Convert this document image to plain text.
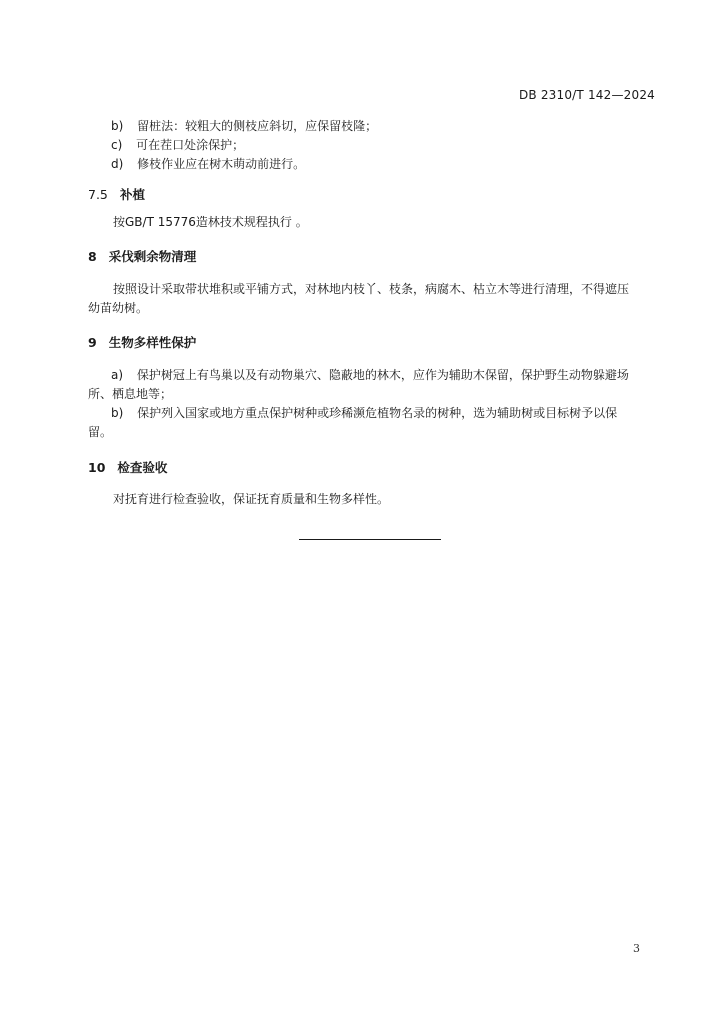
DB 2310/T 142—2024
b) 留桩法：较粗大的侧枝应斜切，应保留枝隆；
c) 可在茬口处涂保护；
d) 修枝作业应在树木萌动前进行。
7.5 补植
按GB/T 15776造林技术规程执行 。
8 采伐剩余物清理
按照设计采取带状堆积或平铺方式，对林地内枝丫、枝条，病腐木、枯立木等进行清理，不得遮压
幼苗幼树。
9 生物多样性保护
a) 保护树冠上有鸟巢以及有动物巢穴、隐蔽地的林木，应作为辅助木保留，保护野生动物躲避场
所、栖息地等；
b) 保护列入国家或地方重点保护树种或珍稀濒危植物名录的树种，选为辅助树或目标树予以保
留。
10 检查验收
对抚育进行检查验收，保证抚育质量和生物多样性。
3
